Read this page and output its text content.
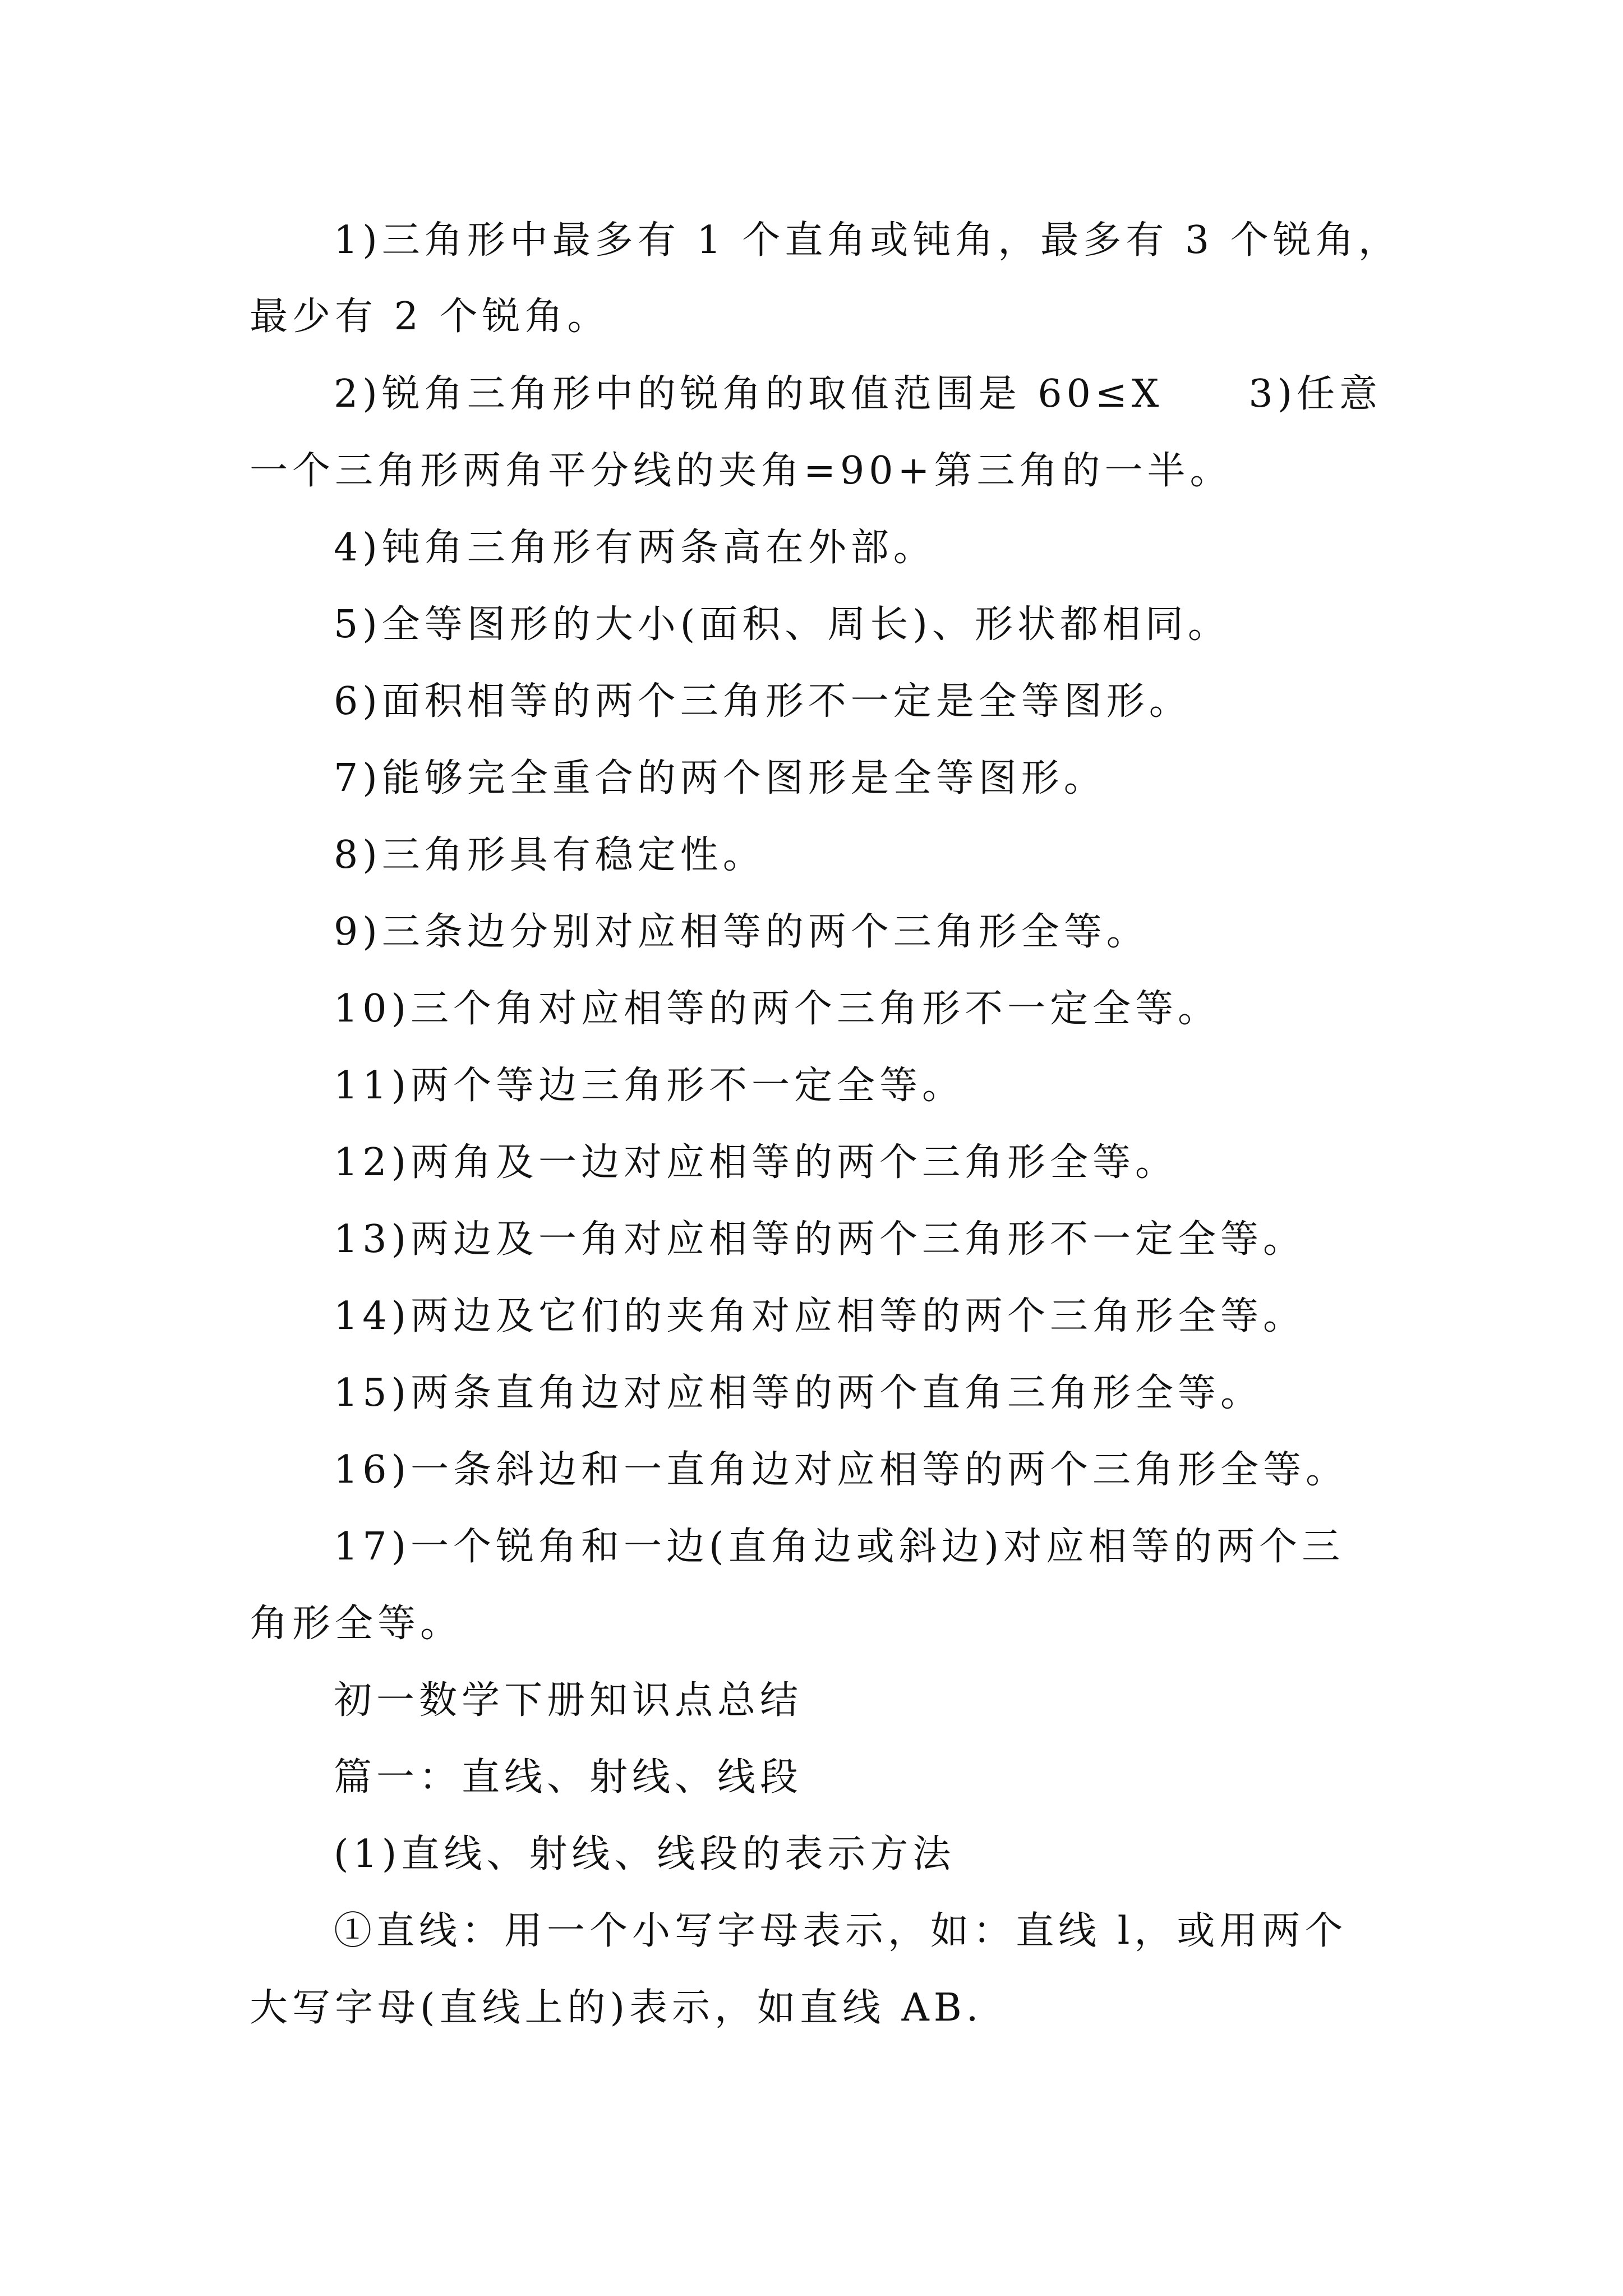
1)三角形中最多有 1 个直角或钝角，最多有 3 个锐角，
最少有 2 个锐角。
2)锐角三角形中的锐角的取值范围是 60≤X　　3)任意
一个三角形两角平分线的夹角=90+第三角的一半。
4)钝角三角形有两条高在外部。
5)全等图形的大小(面积、周长)、形状都相同。
6)面积相等的两个三角形不一定是全等图形。
7)能够完全重合的两个图形是全等图形。
8)三角形具有稳定性。
9)三条边分别对应相等的两个三角形全等。
10)三个角对应相等的两个三角形不一定全等。
11)两个等边三角形不一定全等。
12)两角及一边对应相等的两个三角形全等。
13)两边及一角对应相等的两个三角形不一定全等。
14)两边及它们的夹角对应相等的两个三角形全等。
15)两条直角边对应相等的两个直角三角形全等。
16)一条斜边和一直角边对应相等的两个三角形全等。
17)一个锐角和一边(直角边或斜边)对应相等的两个三
角形全等。
初一数学下册知识点总结
篇一：直线、射线、线段
(1)直线、射线、线段的表示方法
①直线：用一个小写字母表示，如：直线 l，或用两个
大写字母(直线上的)表示，如直线 AB.
